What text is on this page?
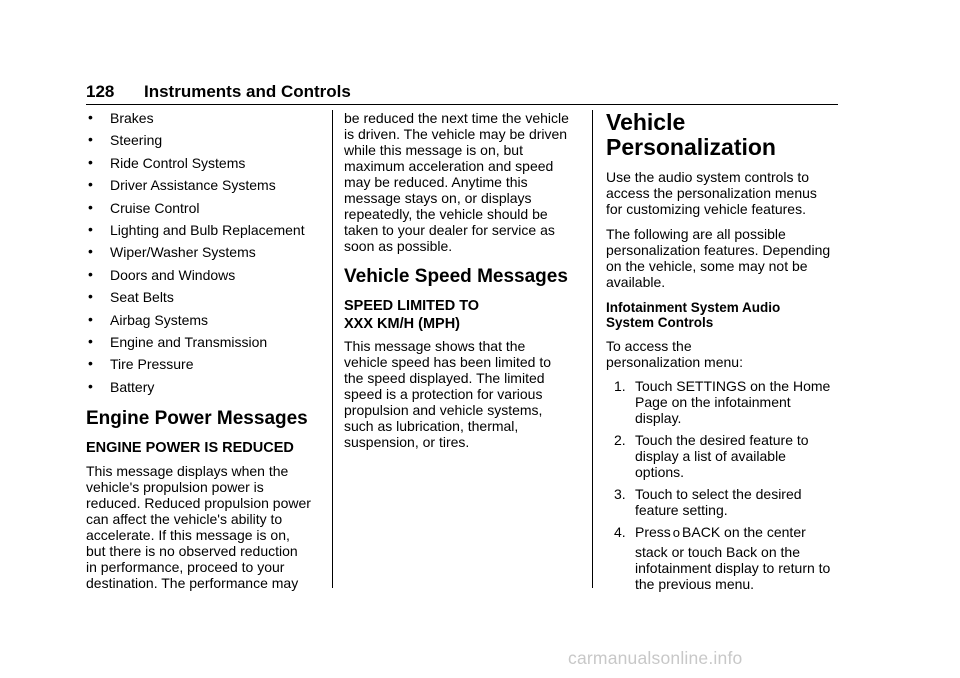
128 Instruments and Controls
• Brakes
• Steering
• Ride Control Systems
• Driver Assistance Systems
• Cruise Control
• Lighting and Bulb Replacement
• Wiper/Washer Systems
• Doors and Windows
• Seat Belts
• Airbag Systems
• Engine and Transmission
• Tire Pressure
• Battery
Engine Power Messages
ENGINE POWER IS REDUCED

This message displays when the
vehicle's propulsion power is
reduced. Reduced propulsion power
can affect the vehicle's ability to
accelerate. If this message is on,
but there is no observed reduction
in performance, proceed to your
destination. The performance may

be reduced the next time the vehicle
is driven. The vehicle may be driven
while this message is on, but
maximum acceleration and speed
may be reduced. Anytime this
message stays on, or displays
repeatedly, the vehicle should be
taken to your dealer for service as
soon as possible.

Vehicle Speed Messages
SPEED LIMITED TO
XXX KM/H (MPH)

This message shows that the
vehicle speed has been limited to
the speed displayed. The limited
speed is a protection for various
propulsion and vehicle systems,
such as lubrication, thermal,
suspension, or tires.

Vehicle
Personalization

Use the audio system controls to
access the personalization menus
for customizing vehicle features.

The following are all possible
personalization features. Depending
on the vehicle, some may not be
available.

Infotainment System Audio
System Controls

To access the
personalization menu:

1. Touch SETTINGS on the Home
Page on the infotainment
display.
2. Touch the desired feature to
display a list of available
options.
3. Touch to select the desired
feature setting.
4. Press o BACK on the center
stack or touch Back on the
infotainment display to return to
the previous menu.
carmanualsonline.info
